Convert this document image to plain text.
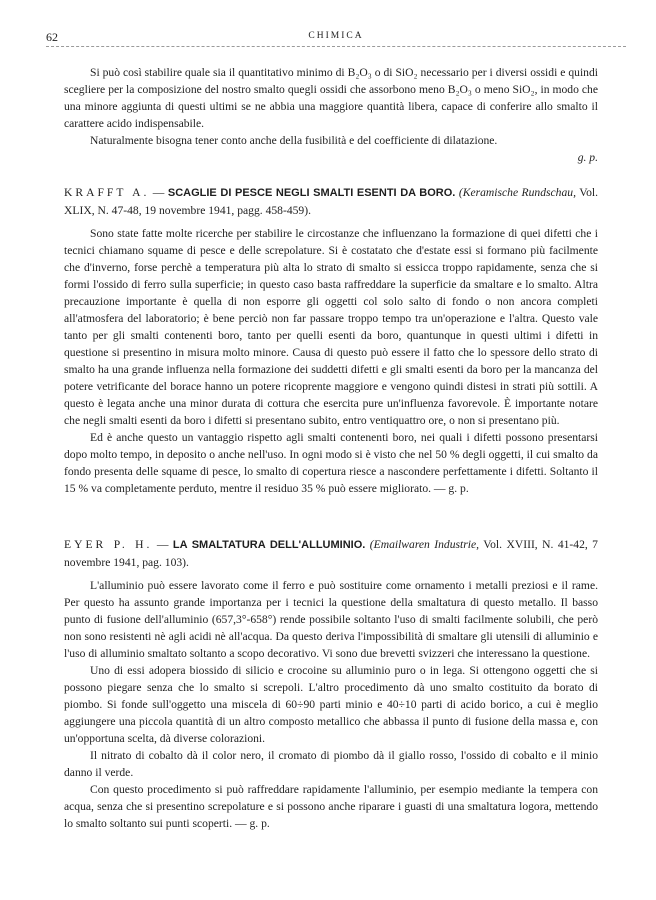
62	CHIMICA

Si può così stabilire quale sia il quantitativo minimo di B₂O₃ o di SiO₂ necessario per i diversi ossidi e quindi scegliere per la composizione del nostro smalto quegli ossidi che assorbono meno B₂O₃ o meno SiO₂, in modo che una minore aggiunta di questi ultimi se ne abbia una maggiore quantità libera, capace di conferire allo smalto il carattere acido indispensabile.

Naturalmente bisogna tener conto anche della fusibilità e del coefficiente di dilatazione.

g. p.

KRAFFT A. — SCAGLIE DI PESCE NEGLI SMALTI ESENTI DA BORO. (Keramische Rundschau, Vol. XLIX, N. 47-48, 19 novembre 1941, pagg. 458-459).

Sono state fatte molte ricerche per stabilire le circostanze che influenzano la formazione di quei difetti che i tecnici chiamano squame di pesce e delle screpolature. Si è costatato che d'estate essi si formano più facilmente che d'inverno, forse perchè a temperatura più alta lo strato di smalto si essicca troppo rapidamente, senza che si formi l'ossido di ferro sulla superficie; in questo caso basta raffreddare la superficie da smaltare e lo smalto. Altra precauzione importante è quella di non esporre gli oggetti col solo salto di fondo o non ancora completi all'atmosfera del laboratorio; è bene perciò non far passare troppo tempo tra un'operazione e l'altra. Questo vale tanto per gli smalti contenenti boro, tanto per quelli esenti da boro, quantunque in questi ultimi i difetti in questione si presentino in misura molto minore. Causa di questo può essere il fatto che lo spessore dello strato di smalto ha una grande influenza nella formazione dei suddetti difetti e gli smalti esenti da boro per la mancanza del potere vetrificante del borace hanno un potere ricoprente maggiore e vengono quindi distesi in strati più sottili. A questo è legata anche una minor durata di cottura che esercita pure un'influenza favorevole. È importante notare che negli smalti esenti da boro i difetti si presentano subito, entro ventiquattro ore, o non si presentano più.

Ed è anche questo un vantaggio rispetto agli smalti contenenti boro, nei quali i difetti possono presentarsi dopo molto tempo, in deposito o anche nell'uso. In ogni modo si è visto che nel 50 % degli oggetti, il cui smalto da fondo presenta delle squame di pesce, lo smalto di copertura riesce a nascondere perfettamente i difetti. Soltanto il 15 % va completamente perduto, mentre il residuo 35 % può essere migliorato. — g. p.

EYER P. H. — LA SMALTATURA DELL'ALLUMINIO. (Emailwaren Industrie, Vol. XVIII, N. 41-42, 7 novembre 1941, pag. 103).

L'alluminio può essere lavorato come il ferro e può sostituire come ornamento i metalli preziosi e il rame. Per questo ha assunto grande importanza per i tecnici la questione della smaltatura di questo metallo. Il basso punto di fusione dell'alluminio (657,3°-658°) rende possibile soltanto l'uso di smalti facilmente solubili, che però non sono resistenti nè agli acidi nè all'acqua. Da questo deriva l'impossibilità di smaltare gli utensili di alluminio e l'uso di alluminio smaltato soltanto a scopo decorativo. Vi sono due brevetti svizzeri che interessano la questione.

Uno di essi adopera biossido di silicio e crocoine su alluminio puro o in lega. Si ottengono oggetti che si possono piegare senza che lo smalto si screpoli. L'altro procedimento dà uno smalto costituito da borato di piombo. Si fonde sull'oggetto una miscela di 60÷90 parti minio e 40÷10 parti di acido borico, a cui è meglio aggiungere una piccola quantità di un altro composto metallico che abbassa il punto di fusione della massa e, con un'opportuna scelta, dà diverse colorazioni.

Il nitrato di cobalto dà il color nero, il cromato di piombo dà il giallo rosso, l'ossido di cobalto e il minio danno il verde.

Con questo procedimento si può raffreddare rapidamente l'alluminio, per esempio mediante la tempera con acqua, senza che si presentino screpolature e si possono anche riparare i guasti di una smaltatura logora, mettendo lo smalto soltanto sui punti scoperti. — g. p.
